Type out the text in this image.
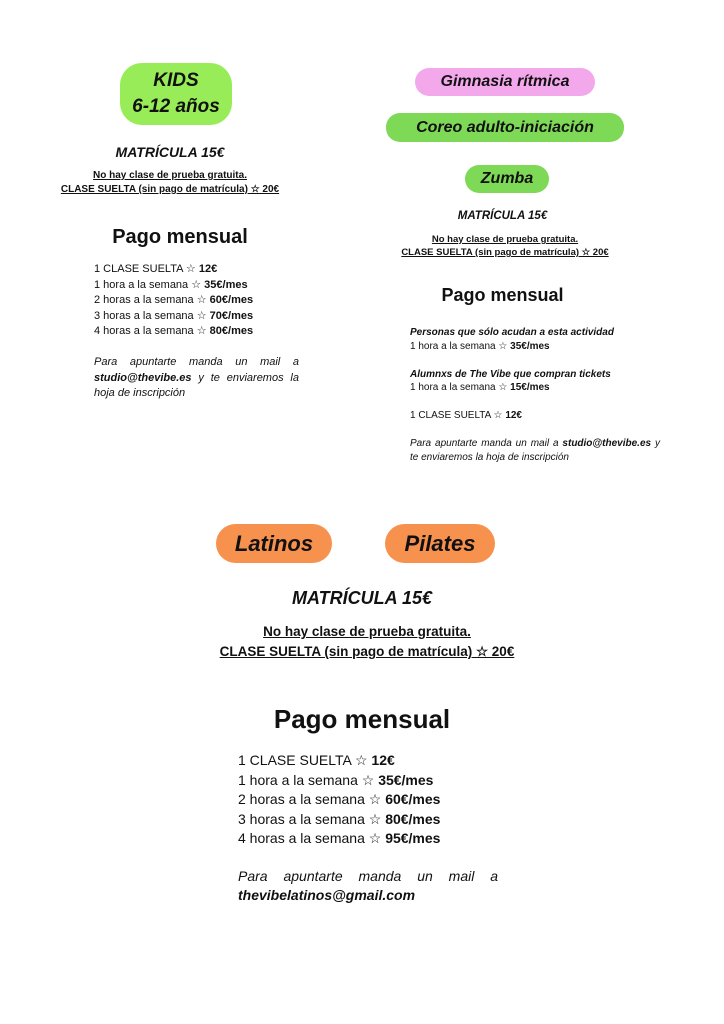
KIDS
6-12 años
MATRÍCULA 15€
No hay clase de prueba gratuita.
CLASE SUELTA (sin pago de matrícula) ☆ 20€
Pago mensual
1 CLASE SUELTA ☆ 12€
1 hora a la semana ☆ 35€/mes
2 horas a la semana ☆ 60€/mes
3 horas a la semana ☆ 70€/mes
4 horas a la semana ☆ 80€/mes
Para apuntarte manda un mail a studio@thevibe.es y te enviaremos la hoja de inscripción
Gimnasia rítmica
Coreo adulto-iniciación
Zumba
MATRÍCULA 15€
No hay clase de prueba gratuita.
CLASE SUELTA (sin pago de matrícula) ☆ 20€
Pago mensual
Personas que sólo acudan a esta actividad
1 hora a la semana ☆ 35€/mes
Alumnxs de The Vibe que compran tickets
1 hora a la semana ☆ 15€/mes
1 CLASE SUELTA ☆ 12€
Para apuntarte manda un mail a studio@thevibe.es y te enviaremos la hoja de inscripción
Latinos	Pilates
MATRÍCULA 15€
No hay clase de prueba gratuita.
CLASE SUELTA (sin pago de matrícula) ☆ 20€
Pago mensual
1 CLASE SUELTA ☆ 12€
1 hora a la semana ☆ 35€/mes
2 horas a la semana ☆ 60€/mes
3 horas a la semana ☆ 80€/mes
4 horas a la semana ☆ 95€/mes
Para apuntarte manda un mail a
thevibelatinos@gmail.com
